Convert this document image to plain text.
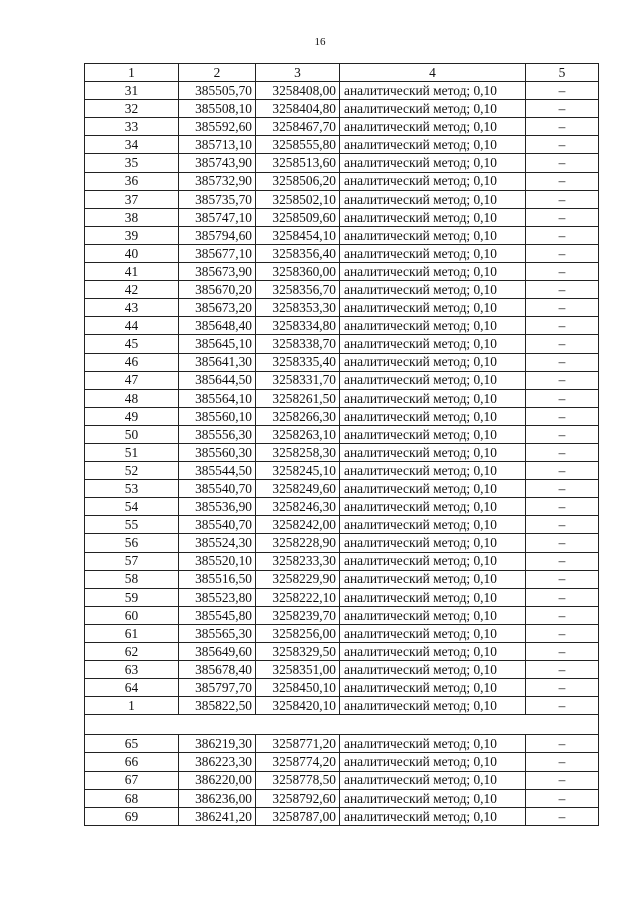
16
1	2	3	4	5
31	385505,70	3258408,00	аналитический метод; 0,10	–
32	385508,10	3258404,80	аналитический метод; 0,10	–
33	385592,60	3258467,70	аналитический метод; 0,10	–
34	385713,10	3258555,80	аналитический метод; 0,10	–
35	385743,90	3258513,60	аналитический метод; 0,10	–
36	385732,90	3258506,20	аналитический метод; 0,10	–
37	385735,70	3258502,10	аналитический метод; 0,10	–
38	385747,10	3258509,60	аналитический метод; 0,10	–
39	385794,60	3258454,10	аналитический метод; 0,10	–
40	385677,10	3258356,40	аналитический метод; 0,10	–
41	385673,90	3258360,00	аналитический метод; 0,10	–
42	385670,20	3258356,70	аналитический метод; 0,10	–
43	385673,20	3258353,30	аналитический метод; 0,10	–
44	385648,40	3258334,80	аналитический метод; 0,10	–
45	385645,10	3258338,70	аналитический метод; 0,10	–
46	385641,30	3258335,40	аналитический метод; 0,10	–
47	385644,50	3258331,70	аналитический метод; 0,10	–
48	385564,10	3258261,50	аналитический метод; 0,10	–
49	385560,10	3258266,30	аналитический метод; 0,10	–
50	385556,30	3258263,10	аналитический метод; 0,10	–
51	385560,30	3258258,30	аналитический метод; 0,10	–
52	385544,50	3258245,10	аналитический метод; 0,10	–
53	385540,70	3258249,60	аналитический метод; 0,10	–
54	385536,90	3258246,30	аналитический метод; 0,10	–
55	385540,70	3258242,00	аналитический метод; 0,10	–
56	385524,30	3258228,90	аналитический метод; 0,10	–
57	385520,10	3258233,30	аналитический метод; 0,10	–
58	385516,50	3258229,90	аналитический метод; 0,10	–
59	385523,80	3258222,10	аналитический метод; 0,10	–
60	385545,80	3258239,70	аналитический метод; 0,10	–
61	385565,30	3258256,00	аналитический метод; 0,10	–
62	385649,60	3258329,50	аналитический метод; 0,10	–
63	385678,40	3258351,00	аналитический метод; 0,10	–
64	385797,70	3258450,10	аналитический метод; 0,10	–
1	385822,50	3258420,10	аналитический метод; 0,10	–

65	386219,30	3258771,20	аналитический метод; 0,10	–
66	386223,30	3258774,20	аналитический метод; 0,10	–
67	386220,00	3258778,50	аналитический метод; 0,10	–
68	386236,00	3258792,60	аналитический метод; 0,10	–
69	386241,20	3258787,00	аналитический метод; 0,10	–
